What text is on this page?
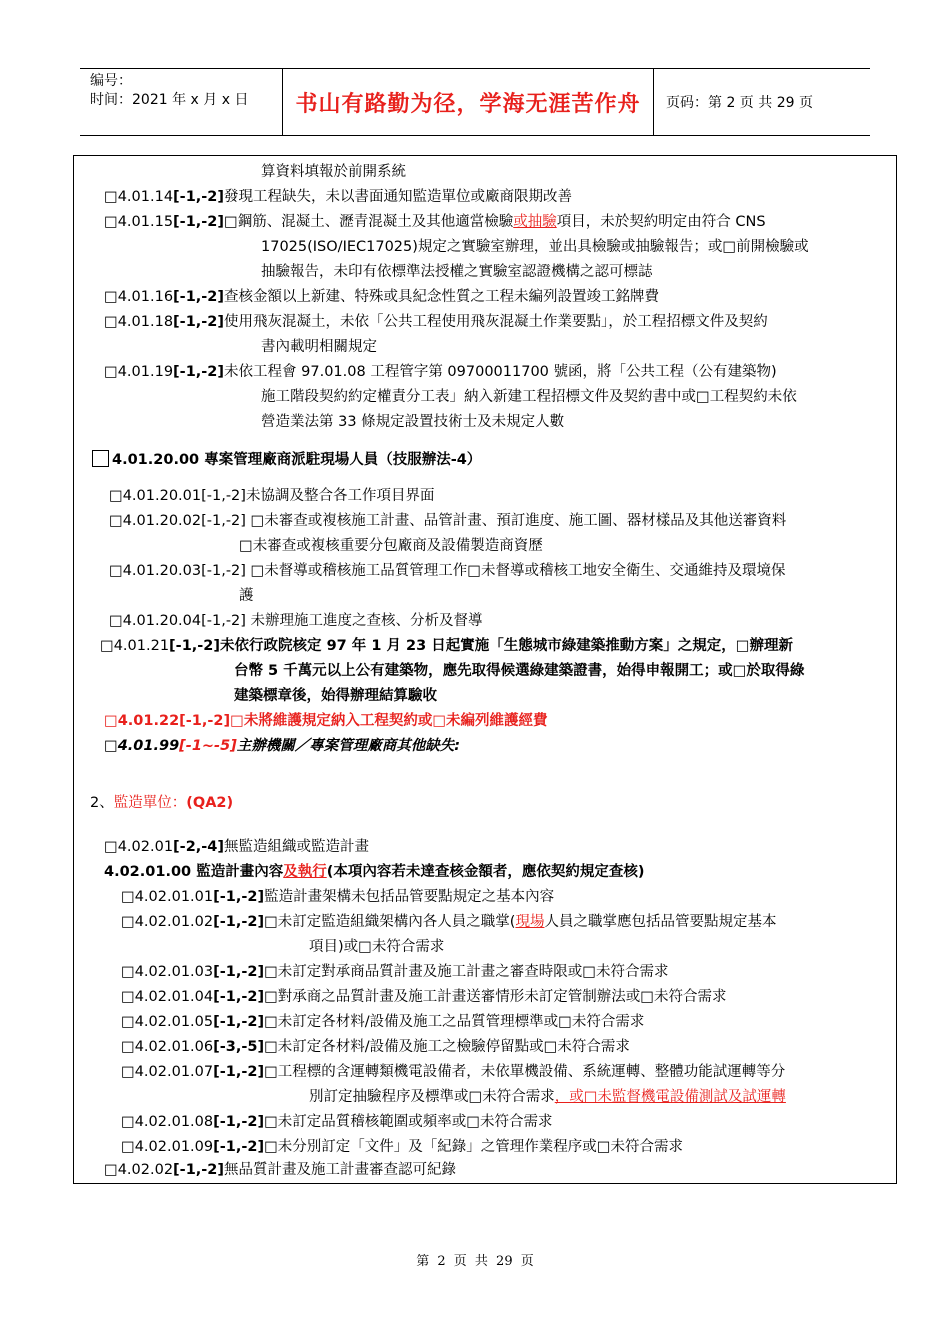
编号：
时间：2021 年 x 月 x 日	书山有路勤为径，学海无涯苦作舟	页码：第 2 页 共 29 页
算資料填報於前開系統
□4.01.14[-1,-2]發現工程缺失，未以書面通知監造單位或廠商限期改善
□4.01.15[-1,-2]□鋼筋、混凝土、瀝青混凝土及其他適當檢驗或抽驗項目，未於契約明定由符合 CNS
17025(ISO/IEC17025)規定之實驗室辦理，並出具檢驗或抽驗報告；或□前開檢驗或
抽驗報告，未印有依標準法授權之實驗室認證機構之認可標誌
□4.01.16[-1,-2]查核金額以上新建、特殊或具紀念性質之工程未編列設置竣工銘牌費
□4.01.18[-1,-2]使用飛灰混凝土，未依「公共工程使用飛灰混凝土作業要點」，於工程招標文件及契約
書內載明相關規定
□4.01.19[-1,-2]未依工程會 97.01.08 工程管字第 09700011700 號函，將「公共工程（公有建築物)
施工階段契約約定權責分工表」納入新建工程招標文件及契約書中或□工程契約未依
營造業法第 33 條規定設置技術士及未規定人數
4.01.20.00 專案管理廠商派駐現場人員（技服辦法-4）
□4.01.20.01[-1,-2]未協調及整合各工作項目界面
□4.01.20.02[-1,-2] □未審查或複核施工計畫、品管計畫、預訂進度、施工圖、器材樣品及其他送審資料
□未審查或複核重要分包廠商及設備製造商資歷
□4.01.20.03[-1,-2] □未督導或稽核施工品質管理工作□未督導或稽核工地安全衛生、交通維持及環境保
護
□4.01.20.04[-1,-2] 未辦理施工進度之查核、分析及督導
□4.01.21[-1,-2]未依行政院核定 97 年 1 月 23 日起實施「生態城市綠建築推動方案」之規定，□辦理新
台幣 5 千萬元以上公有建築物，應先取得候選綠建築證書，始得申報開工；或□於取得綠
建築標章後，始得辦理結算驗收
□4.01.22[-1,-2]□未將維護規定納入工程契約或□未編列維護經費
□4.01.99[-1~-5]主辦機關／專案管理廠商其他缺失:
2、監造單位：(QA2)
□4.02.01[-2,-4]無監造組織或監造計畫
4.02.01.00 監造計畫內容及執行(本項內容若未達查核金額者，應依契約規定查核)
□4.02.01.01[-1,-2]監造計畫架構未包括品管要點規定之基本內容
□4.02.01.02[-1,-2]□未訂定監造組織架構內各人員之職掌(現場人員之職掌應包括品管要點規定基本
項目)或□未符合需求
□4.02.01.03[-1,-2]□未訂定對承商品質計畫及施工計畫之審查時限或□未符合需求
□4.02.01.04[-1,-2]□對承商之品質計畫及施工計畫送審情形未訂定管制辦法或□未符合需求
□4.02.01.05[-1,-2]□未訂定各材料/設備及施工之品質管理標準或□未符合需求
□4.02.01.06[-3,-5]□未訂定各材料/設備及施工之檢驗停留點或□未符合需求
□4.02.01.07[-1,-2]□工程標的含運轉類機電設備者，未依單機設備、系統運轉、整體功能試運轉等分
別訂定抽驗程序及標準或□未符合需求，或□未監督機電設備測試及試運轉
□4.02.01.08[-1,-2]□未訂定品質稽核範圍或頻率或□未符合需求
□4.02.01.09[-1,-2]□未分別訂定「文件」及「紀錄」之管理作業程序或□未符合需求
□4.02.02[-1,-2]無品質計畫及施工計畫審查認可紀錄
第 2 页 共 29 页
